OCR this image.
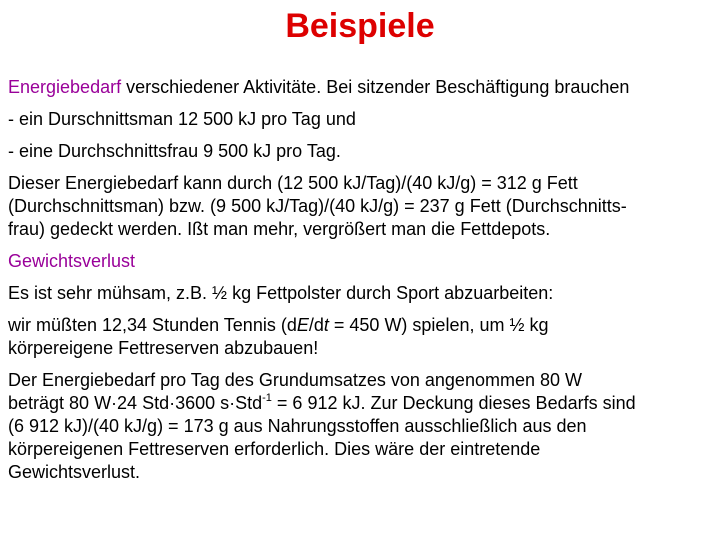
Beispiele

Energiebedarf verschiedener Aktivitäte. Bei sitzender Beschäftigung brauchen

- ein Durschnittsman 12 500 kJ pro Tag und

- eine Durchschnittsfrau 9 500 kJ pro Tag.

Dieser Energiebedarf kann durch (12 500 kJ/Tag)/(40 kJ/g) = 312 g Fett
(Durchschnittsman) bzw. (9 500 kJ/Tag)/(40 kJ/g) = 237 g Fett (Durchschnitts-
frau) gedeckt werden. Ißt man mehr, vergrößert man die Fettdepots.

Gewichtsverlust

Es ist sehr mühsam, z.B. ½ kg Fettpolster durch Sport abzuarbeiten:

wir müßten 12,34 Stunden Tennis (dE/dt = 450 W) spielen, um ½ kg
körpereigene Fettreserven abzubauen!

Der Energiebedarf pro Tag des Grundumsatzes von angenommen 80 W
beträgt 80 W·24 Std·3600 s·Std$^{-1}$ = 6 912 kJ. Zur Deckung dieses Bedarfs sind
(6 912 kJ)/(40 kJ/g) = 173 g aus Nahrungsstoffen ausschließlich aus den
körpereigenen Fettreserven erforderlich. Dies wäre der eintretende
Gewichtsverlust.
